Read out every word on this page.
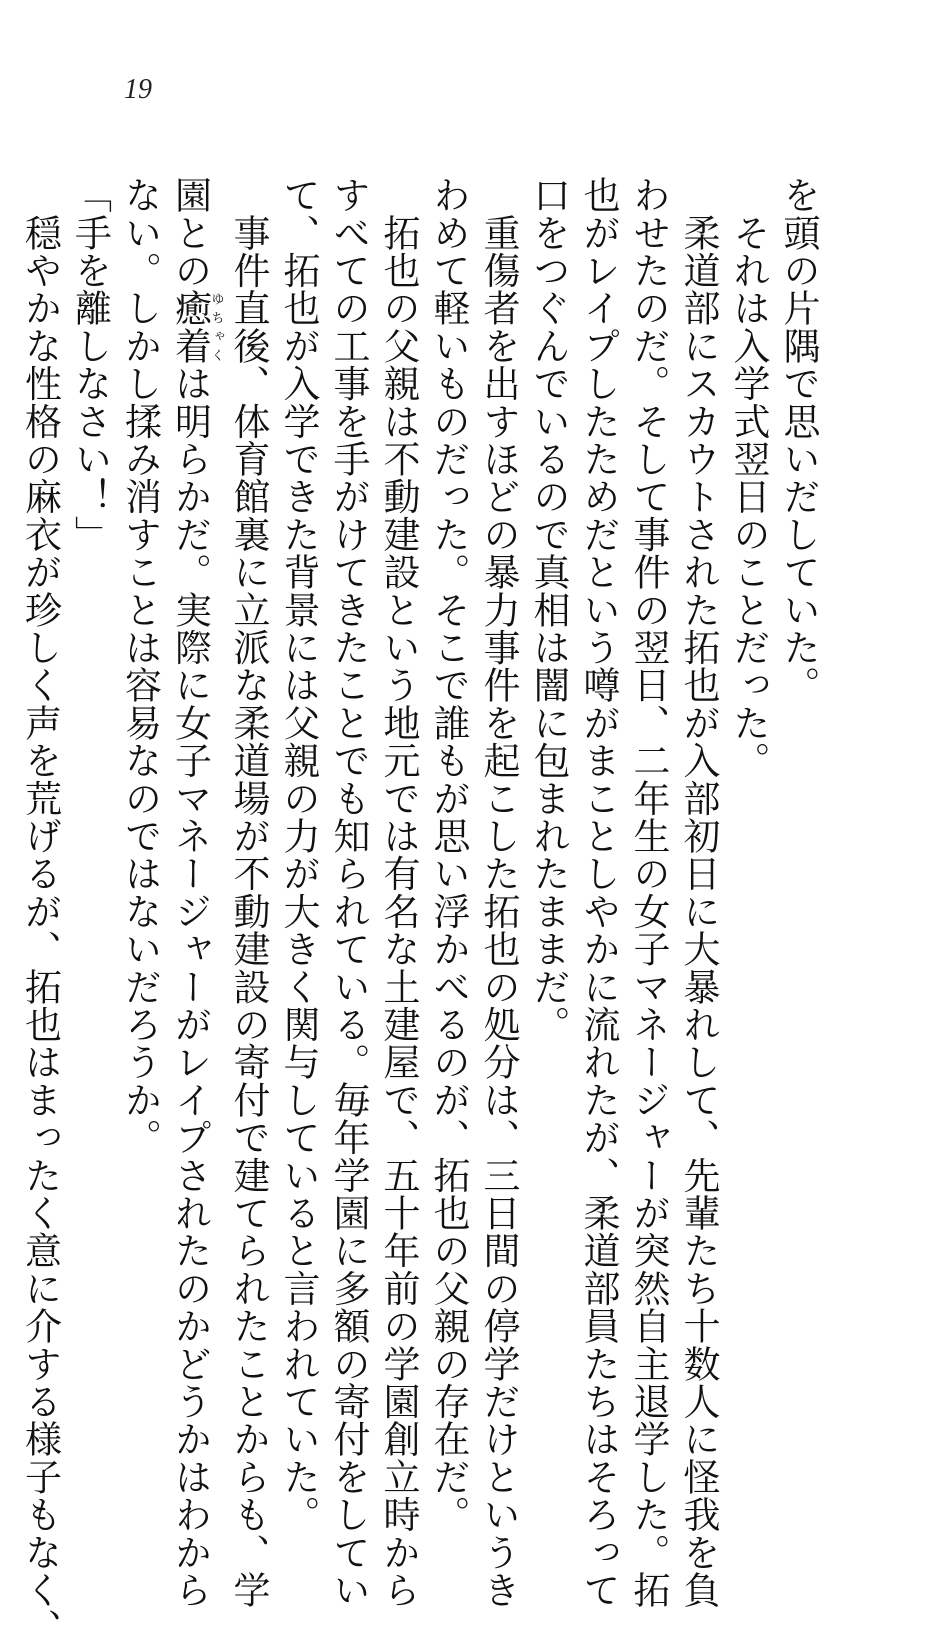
19
を頭の片隅で思いだしていた。
　それは入学式翌日のことだった。
　柔道部にスカウトされた拓也が入部初日に大暴れして、先輩たち十数人に怪我を負
わせたのだ。そして事件の翌日、二年生の女子マネージャーが突然自主退学した。拓
也がレイプしたためだという噂がまことしやかに流れたが、柔道部員たちはそろって
口をつぐんでいるので真相は闇に包まれたままだ。
　重傷者を出すほどの暴力事件を起こした拓也の処分は、三日間の停学だけというき
わめて軽いものだった。そこで誰もが思い浮かべるのが、拓也の父親の存在だ。
　拓也の父親は不動建設という地元では有名な土建屋で、五十年前の学園創立時から
すべての工事を手がけてきたことでも知られている。毎年学園に多額の寄付をしてい
て、拓也が入学できた背景には父親の力が大きく関与していると言われていた。
　事件直後、体育館裏に立派な柔道場が不動建設の寄付で建てられたことからも、学
園との癒着ゆちゃくは明らかだ。実際に女子マネージャーがレイプされたのかどうかはわから
ない。しかし揉み消すことは容易なのではないだろうか。
「手を離しなさい！」
　穏やかな性格の麻衣が珍しく声を荒げるが、拓也はまったく意に介する様子もなく、
